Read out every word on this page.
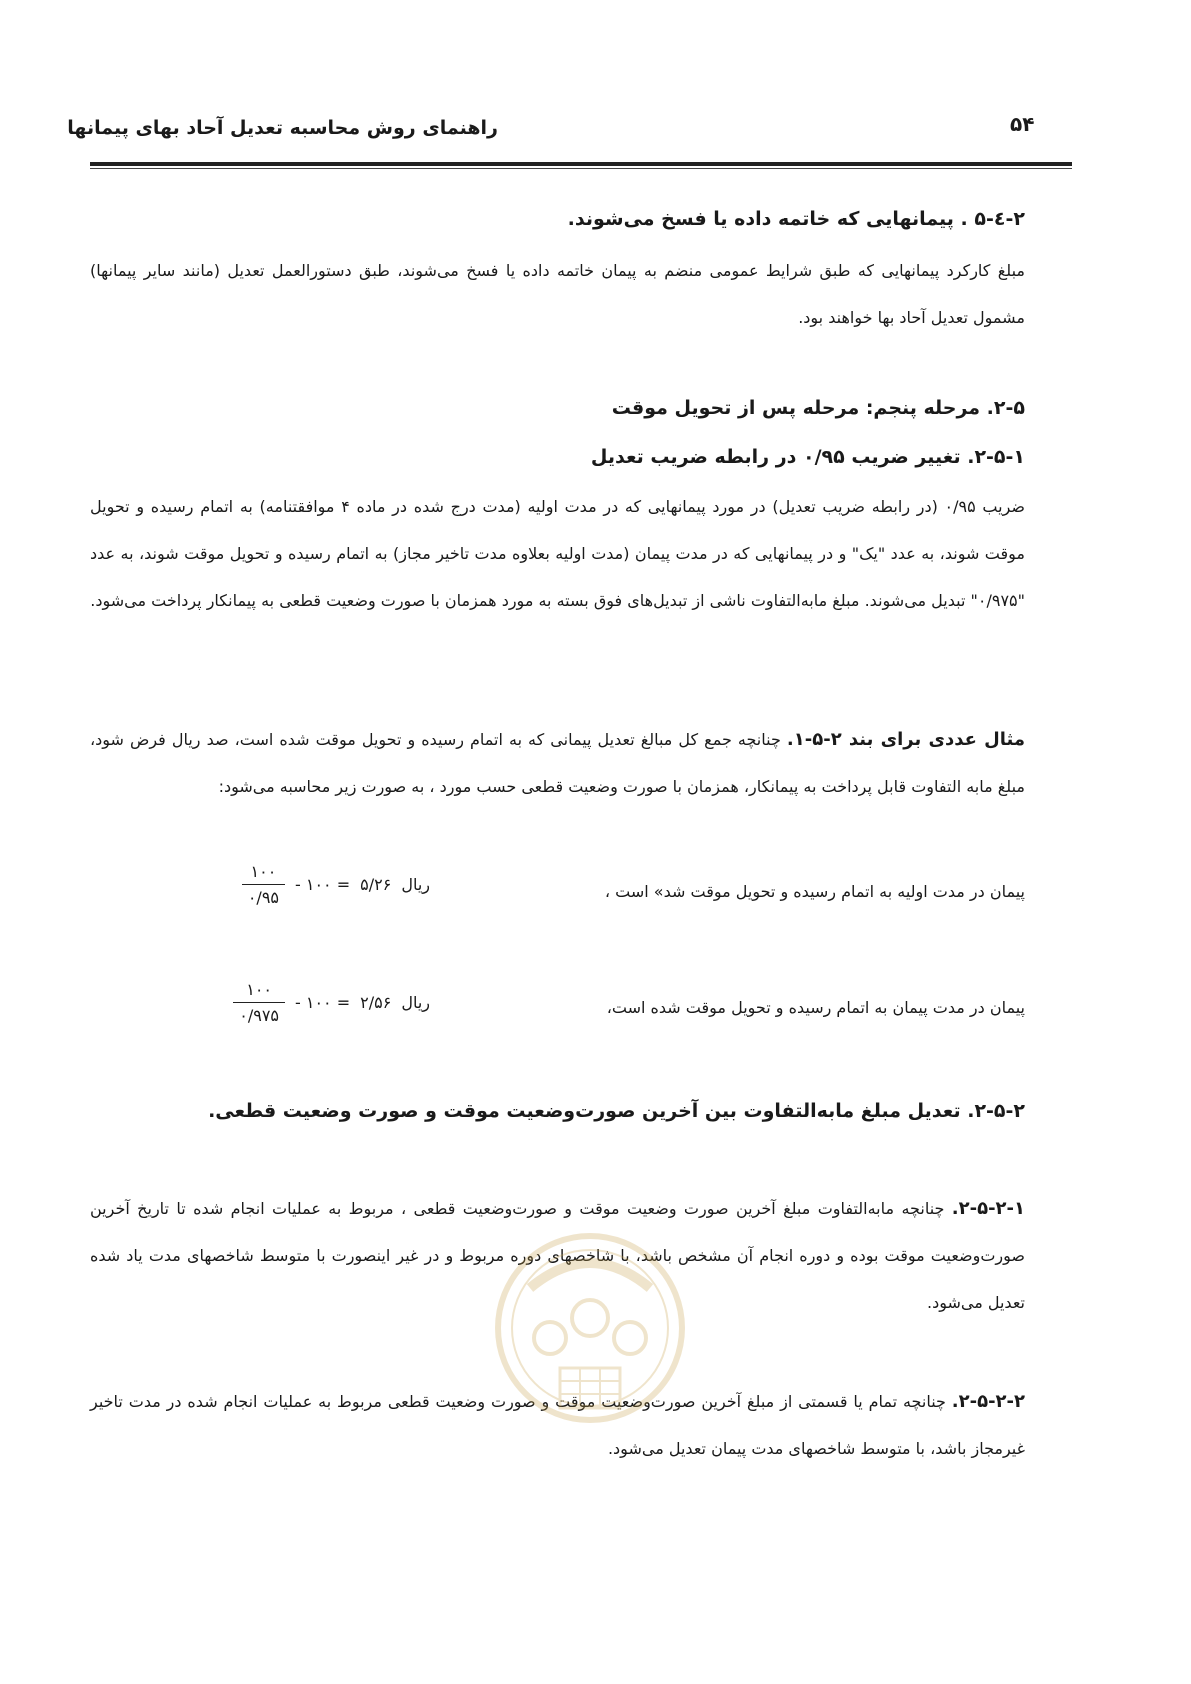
۵۴
راهنمای روش محاسبه تعدیل آحاد بهای پیمانها
۲-٤-۵ . پیمانهایی که خاتمه داده یا فسخ می‌شوند.

مبلغ کارکرد پیمانهایی که طبق شرایط عمومی منضم به پیمان خاتمه داده یا فسخ می‌شوند، طبق دستورالعمل تعدیل (مانند سایر پیمانها) مشمول تعدیل آحاد بها خواهند بود.

۲-۵. مرحله پنجم: مرحله پس از تحویل موقت
۲-۵-۱. تغییر ضریب ۰/۹۵ در رابطه ضریب تعدیل

ضریب ۰/۹۵ (در رابطه ضریب تعدیل) در مورد پیمانهایی که در مدت اولیه (مدت درج شده در ماده ۴ موافقتنامه) به اتمام رسیده و تحویل موقت شوند، به عدد "یک" و در پیمانهایی که در مدت پیمان (مدت اولیه بعلاوه مدت تاخیر مجاز) به اتمام رسیده و تحویل موقت شوند، به عدد "۰/۹۷۵" تبدیل می‌شوند. مبلغ مابه‌التفاوت ناشی از تبدیل‌های فوق بسته به مورد همزمان با صورت وضعیت قطعی به پیمانکار پرداخت می‌شود.

مثال عددی برای بند ۲-۵-۱. چنانچه جمع کل مبالغ تعدیل پیمانی که به اتمام رسیده و تحویل موقت شده است، صد ریال فرض شود، مبلغ مابه التفاوت قابل پرداخت به پیمانکار، همزمان با صورت وضعیت قطعی حسب مورد ، به صورت زیر محاسبه می‌شود:

پیمان در مدت اولیه به اتمام رسیده و تحویل موقت شد» است ،
ریال
۵/۲۶
= ۱۰۰ -
$\frac{۱۰۰}{۰/۹۵}$
پیمان در مدت پیمان به اتمام رسیده و تحویل موقت شده است،
ریال
۲/۵۶
= ۱۰۰ -
$\frac{۱۰۰}{۰/۹۷۵}$
۲-۵-۲. تعدیل مبلغ مابه‌التفاوت بین آخرین صورت‌وضعیت موقت و صورت وضعیت قطعی.

۲-۵-۲-۱. چنانچه مابه‌التفاوت مبلغ آخرین صورت وضعیت موقت و صورت‌وضعیت قطعی ، مربوط به عملیات انجام شده تا تاریخ آخرین صورت‌وضعیت موقت بوده و دوره انجام آن مشخص باشد، با شاخصهای دوره مربوط و در غیر اینصورت با متوسط شاخصهای مدت یاد شده تعدیل می‌شود.

۲-۵-۲-۲. چنانچه تمام یا قسمتی از مبلغ آخرین صورت‌وضعیت موقت و صورت وضعیت قطعی مربوط به عملیات انجام شده در مدت تاخیر غیرمجاز باشد، با متوسط شاخصهای مدت پیمان تعدیل می‌شود.
